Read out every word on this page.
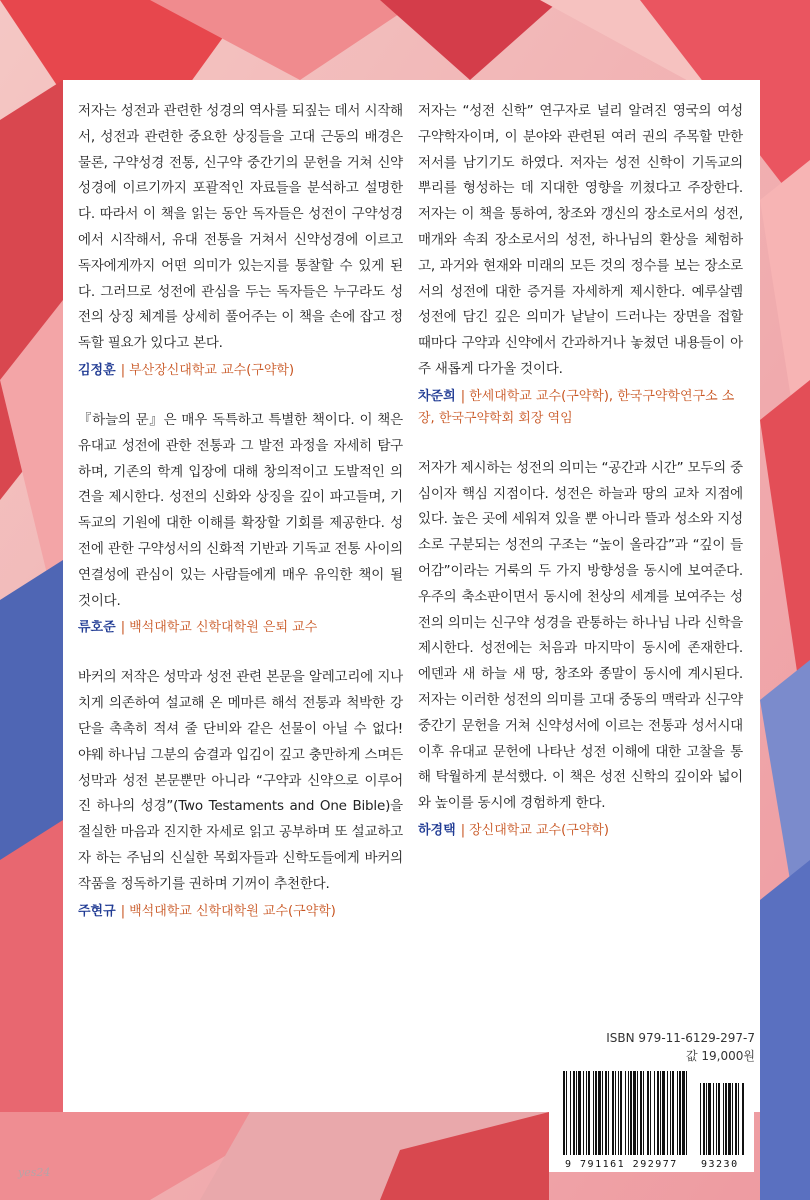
저자는 성전과 관련한 성경의 역사를 되짚는 데서 시작해서, 성전과 관련한 중요한 상징들을 고대 근동의 배경은 물론, 구약성경 전통, 신구약 중간기의 문헌을 거쳐 신약성경에 이르기까지 포괄적인 자료들을 분석하고 설명한다. 따라서 이 책을 읽는 동안 독자들은 성전이 구약성경에서 시작해서, 유대 전통을 거쳐서 신약성경에 이르고 독자에게까지 어떤 의미가 있는지를 통찰할 수 있게 된다. 그러므로 성전에 관심을 두는 독자들은 누구라도 성전의 상징 체계를 상세히 풀어주는 이 책을 손에 잡고 정독할 필요가 있다고 본다.

김정훈 | 부산장신대학교 교수(구약학)

『하늘의 문』은 매우 독특하고 특별한 책이다. 이 책은 유대교 성전에 관한 전통과 그 발전 과정을 자세히 탐구하며, 기존의 학계 입장에 대해 창의적이고 도발적인 의견을 제시한다. 성전의 신화와 상징을 깊이 파고들며, 기독교의 기원에 대한 이해를 확장할 기회를 제공한다. 성전에 관한 구약성서의 신화적 기반과 기독교 전통 사이의 연결성에 관심이 있는 사람들에게 매우 유익한 책이 될 것이다.

류호준 | 백석대학교 신학대학원 은퇴 교수

바커의 저작은 성막과 성전 관련 본문을 알레고리에 지나치게 의존하여 설교해 온 메마른 해석 전통과 척박한 강단을 촉촉히 적셔 줄 단비와 같은 선물이 아닐 수 없다! 야웨 하나님 그분의 숨결과 입김이 깊고 충만하게 스며든 성막과 성전 본문뿐만 아니라 “구약과 신약으로 이루어진 하나의 성경”(Two Testaments and One Bible)을 절실한 마음과 진지한 자세로 읽고 공부하며 또 설교하고자 하는 주님의 신실한 목회자들과 신학도들에게 바커의 작품을 정독하기를 권하며 기꺼이 추천한다.

주현규 | 백석대학교 신학대학원 교수(구약학)

저자는 “성전 신학” 연구자로 널리 알려진 영국의 여성 구약학자이며, 이 분야와 관련된 여러 권의 주목할 만한 저서를 남기기도 하였다. 저자는 성전 신학이 기독교의 뿌리를 형성하는 데 지대한 영향을 끼쳤다고 주장한다. 저자는 이 책을 통하여, 창조와 갱신의 장소로서의 성전, 매개와 속죄 장소로서의 성전, 하나님의 환상을 체험하고, 과거와 현재와 미래의 모든 것의 정수를 보는 장소로서의 성전에 대한 증거를 자세하게 제시한다. 예루살렘 성전에 담긴 깊은 의미가 낱낱이 드러나는 장면을 접할 때마다 구약과 신약에서 간과하거나 놓쳤던 내용들이 아주 새롭게 다가올 것이다.

차준희 | 한세대학교 교수(구약학), 한국구약학연구소 소장, 한국구약학회 회장 역임

저자가 제시하는 성전의 의미는 “공간과 시간” 모두의 중심이자 핵심 지점이다. 성전은 하늘과 땅의 교차 지점에 있다. 높은 곳에 세워져 있을 뿐 아니라 뜰과 성소와 지성소로 구분되는 성전의 구조는 “높이 올라감”과 “깊이 들어감”이라는 거룩의 두 가지 방향성을 동시에 보여준다. 우주의 축소판이면서 동시에 천상의 세계를 보여주는 성전의 의미는 신구약 성경을 관통하는 하나님 나라 신학을 제시한다. 성전에는 처음과 마지막이 동시에 존재한다. 에덴과 새 하늘 새 땅, 창조와 종말이 동시에 계시된다. 저자는 이러한 성전의 의미를 고대 중동의 맥락과 신구약 중간기 문헌을 거쳐 신약성서에 이르는 전통과 성서시대 이후 유대교 문헌에 나타난 성전 이해에 대한 고찰을 통해 탁월하게 분석했다. 이 책은 성전 신학의 깊이와 넓이와 높이를 동시에 경험하게 한다.

하경택 | 장신대학교 교수(구약학)

ISBN 979-11-6129-297-7
값 19,000원
9 791161 292977 93230
yes24
